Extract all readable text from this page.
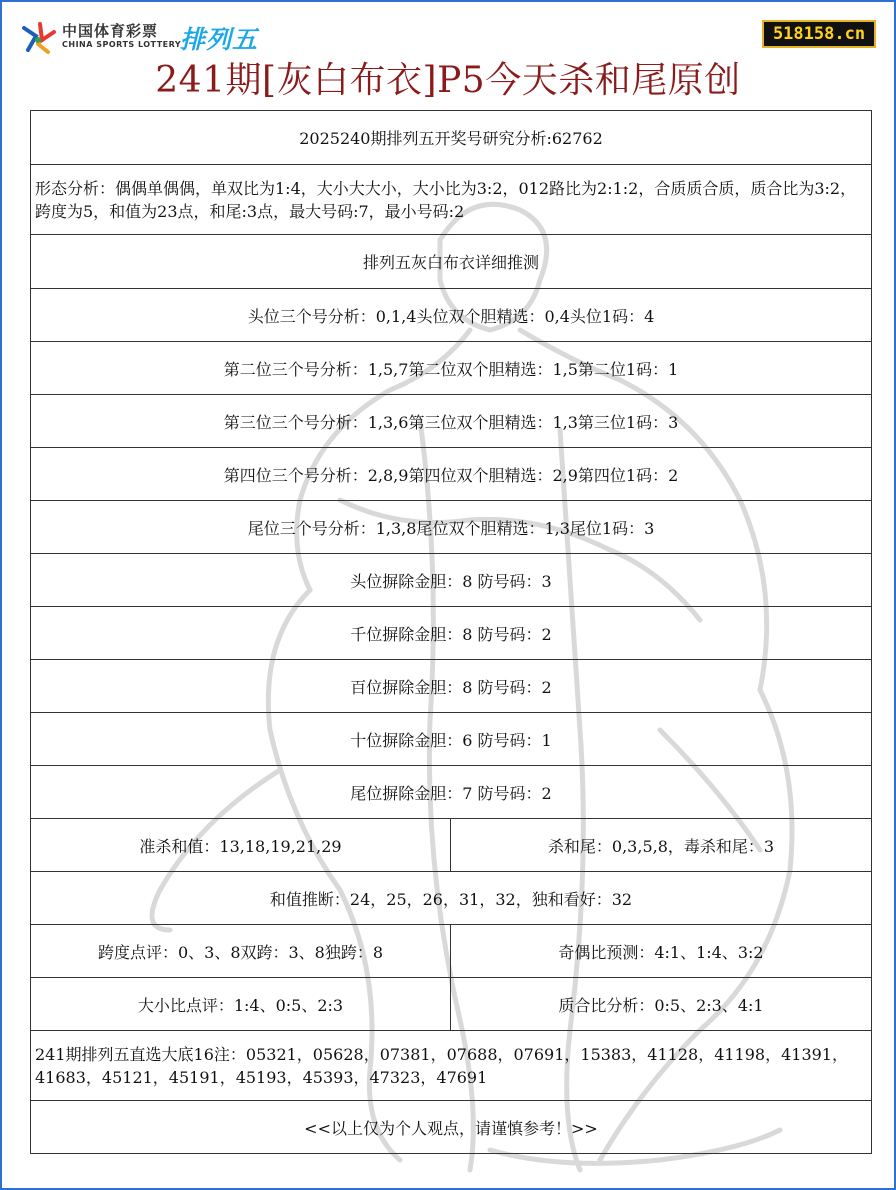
中国体育彩票
CHINA SPORTS LOTTERY
排列五	518158.cn
241期[灰白布衣]P5今天杀和尾原创
2025240期排列五开奖号研究分析:62762	
形态分析：偶偶单偶偶，单双比为1:4，大小大大小，大小比为3:2，012路比为2:1:2，合质质合质，质合比为3:2，跨度为5，和值为23点，和尾:3点，最大号码:7，最小号码:2	
排列五灰白布衣详细推测	
头位三个号分析：0,1,4头位双个胆精选：0,4头位1码：4	
第二位三个号分析：1,5,7第二位双个胆精选：1,5第二位1码：1	
第三位三个号分析：1,3,6第三位双个胆精选：1,3第三位1码：3	
第四位三个号分析：2,8,9第四位双个胆精选：2,9第四位1码：2	
尾位三个号分析：1,3,8尾位双个胆精选：1,3尾位1码：3	
头位摒除金胆：8 防号码：3	
千位摒除金胆：8 防号码：2	
百位摒除金胆：8 防号码：2	
十位摒除金胆：6 防号码：1	
尾位摒除金胆：7 防号码：2	
准杀和值：13,18,19,21,29	杀和尾：0,3,5,8，毒杀和尾：3
和值推断：24，25，26，31，32，独和看好：32	
跨度点评：0、3、8双跨：3、8独跨：8	奇偶比预测：4:1、1:4、3:2
大小比点评：1:4、0:5、2:3	质合比分析：0:5、2:3、4:1
241期排列五直选大底16注：05321，05628，07381，07688，07691，15383，41128，41198，41391，41683，45121，45191，45193，45393，47323，47691	
<<以上仅为个人观点，请谨慎参考！>>	
